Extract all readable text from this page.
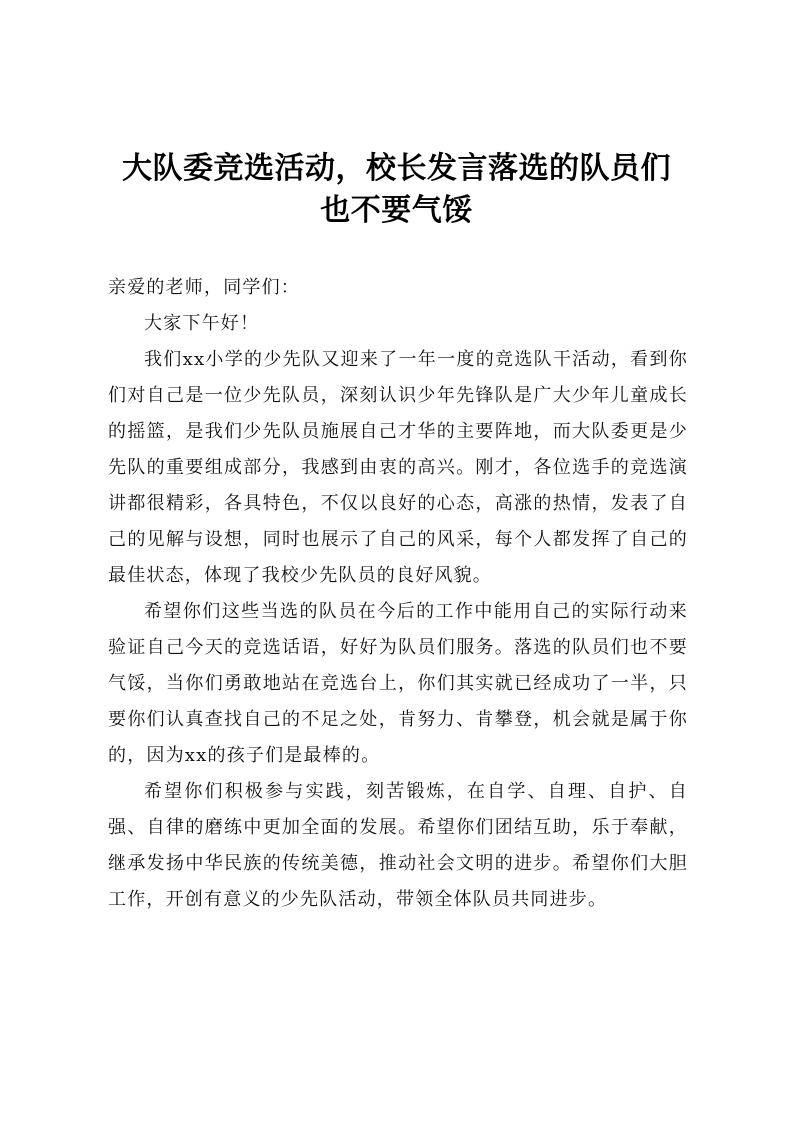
大队委竞选活动，校长发言落选的队员们
也不要气馁

亲爱的老师，同学们：

大家下午好！

我们xx小学的少先队又迎来了一年一度的竞选队干活动，看到你们对自己是一位少先队员，深刻认识少年先锋队是广大少年儿童成长的摇篮，是我们少先队员施展自己才华的主要阵地，而大队委更是少先队的重要组成部分，我感到由衷的高兴。刚才，各位选手的竞选演讲都很精彩，各具特色，不仅以良好的心态，高涨的热情，发表了自己的见解与设想，同时也展示了自己的风采，每个人都发挥了自己的最佳状态，体现了我校少先队员的良好风貌。

希望你们这些当选的队员在今后的工作中能用自己的实际行动来验证自己今天的竞选话语，好好为队员们服务。落选的队员们也不要气馁，当你们勇敢地站在竞选台上，你们其实就已经成功了一半，只要你们认真查找自己的不足之处，肯努力、肯攀登，机会就是属于你的，因为xx的孩子们是最棒的。

希望你们积极参与实践，刻苦锻炼，在自学、自理、自护、自强、自律的磨练中更加全面的发展。希望你们团结互助，乐于奉献，继承发扬中华民族的传统美德，推动社会文明的进步。希望你们大胆工作，开创有意义的少先队活动，带领全体队员共同进步。
